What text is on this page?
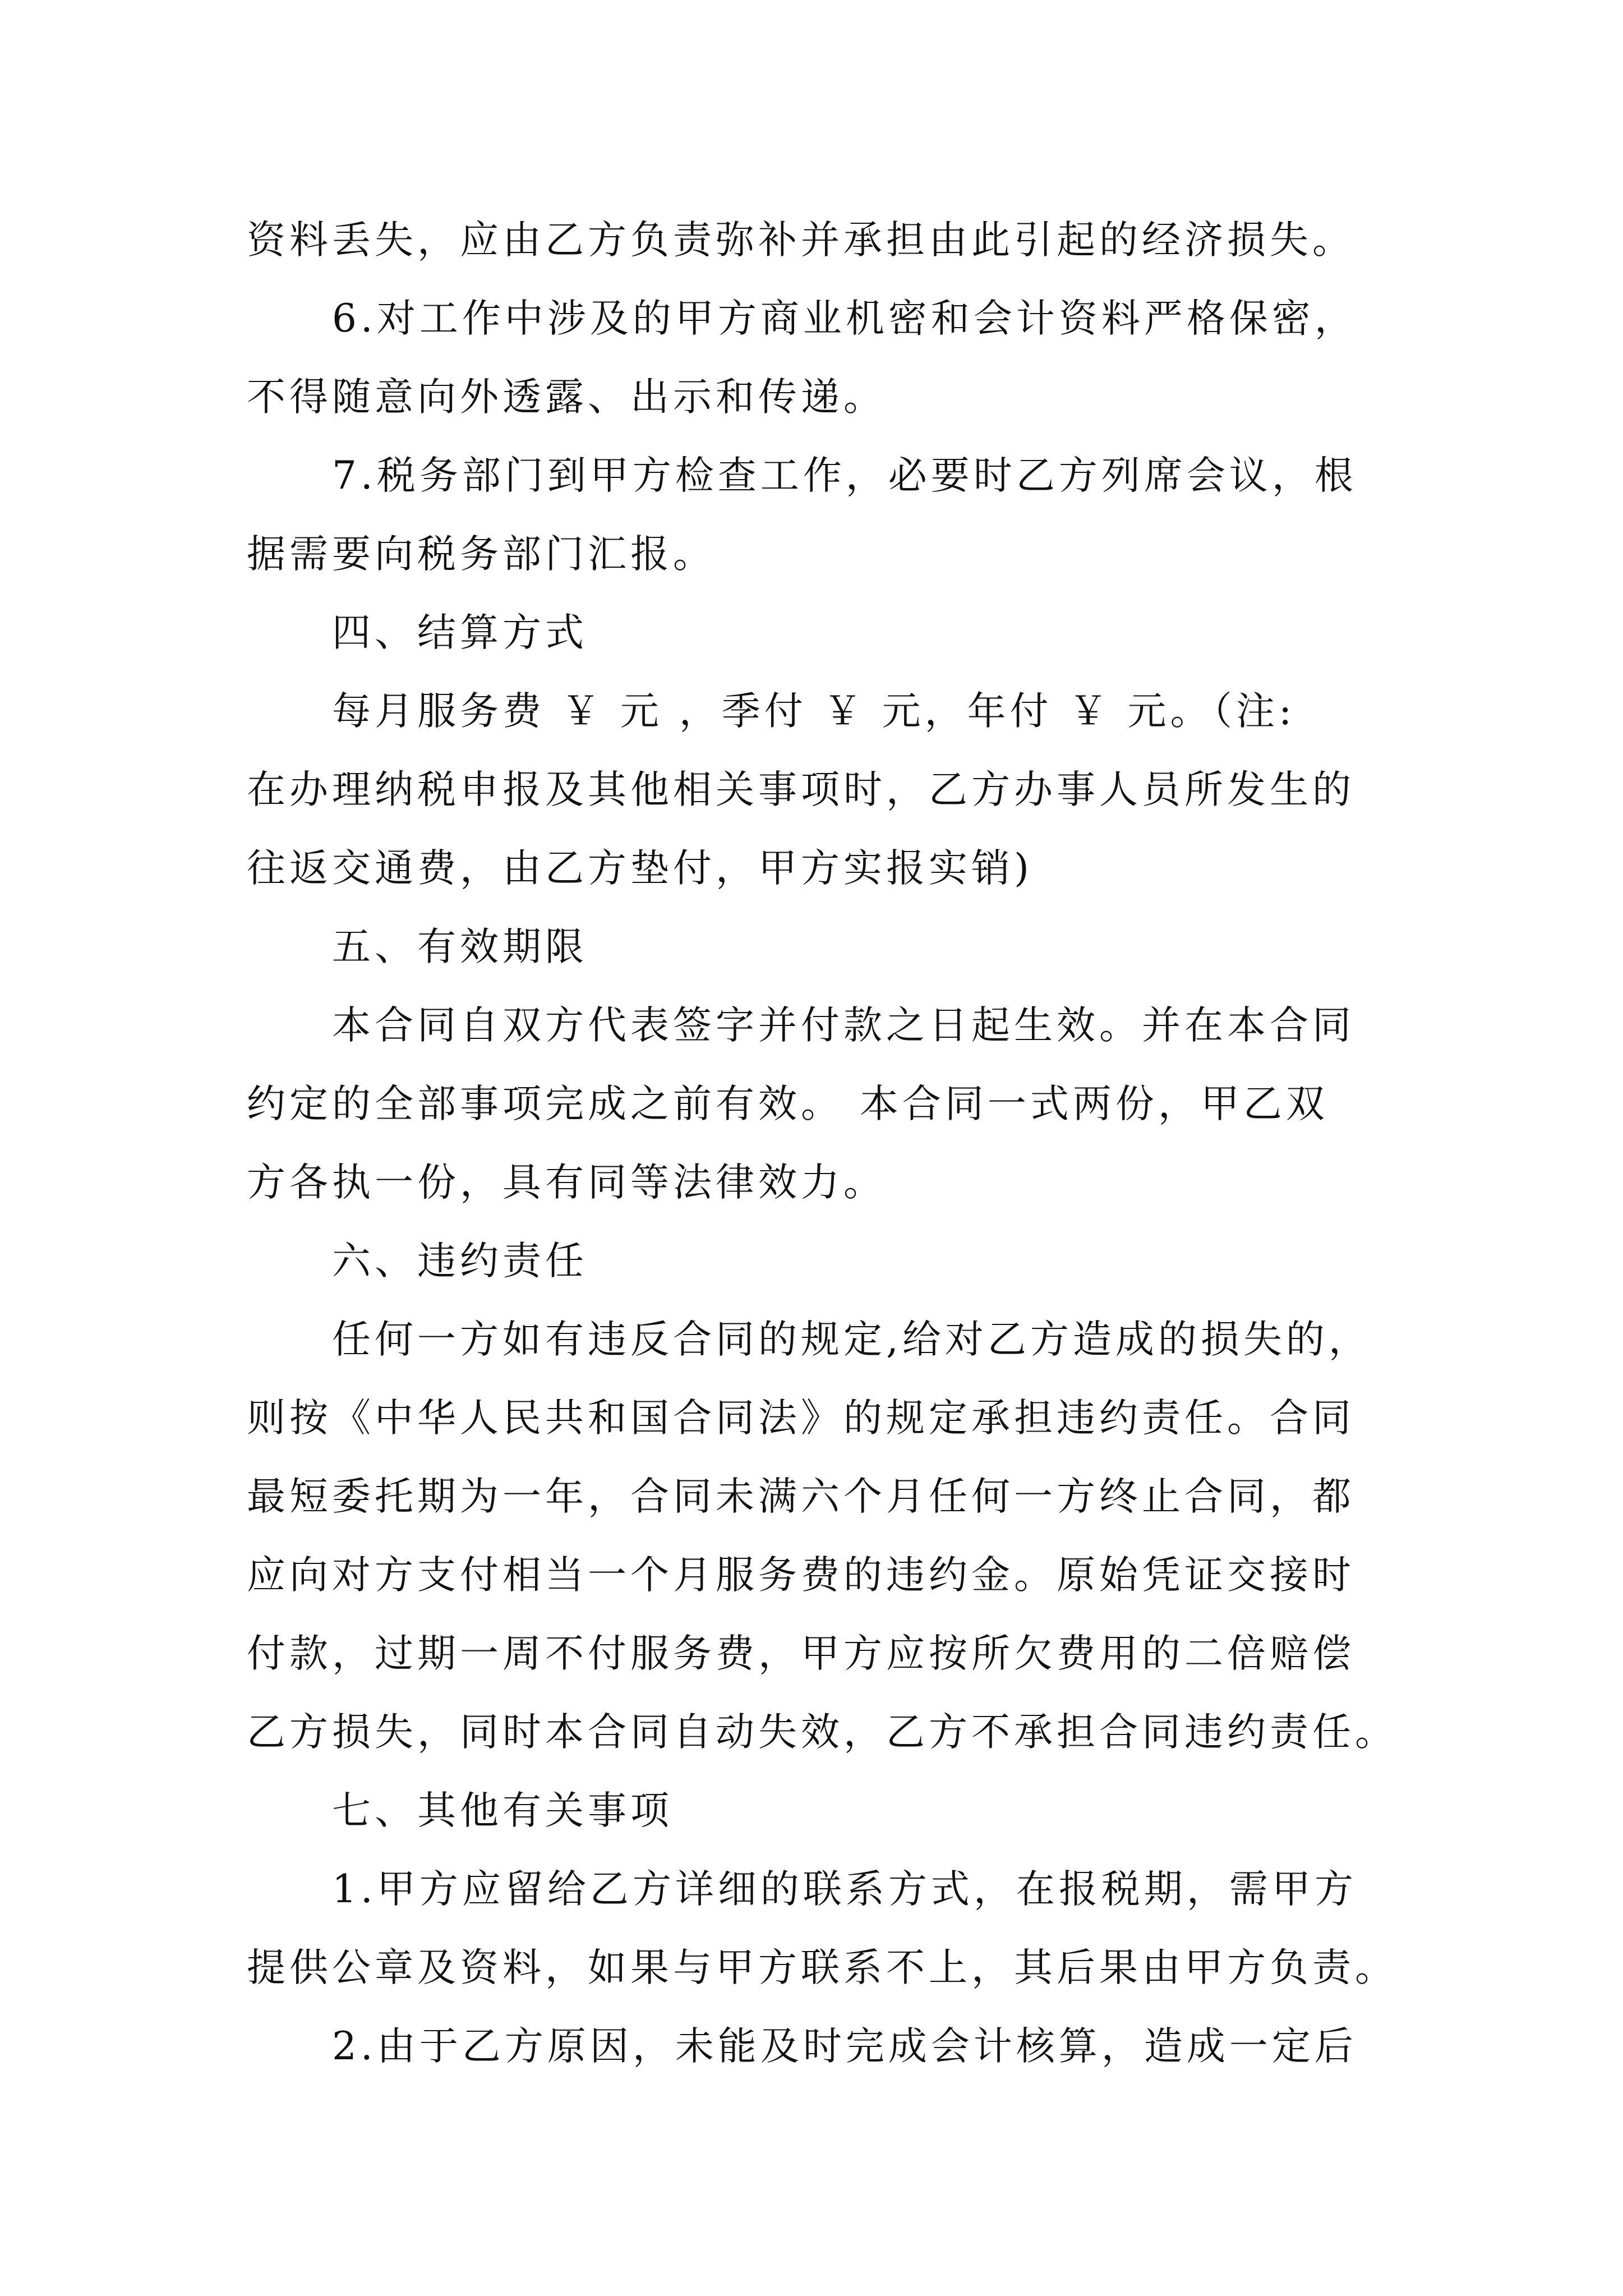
资料丢失，应由乙方负责弥补并承担由此引起的经济损失。
6.对工作中涉及的甲方商业机密和会计资料严格保密，
不得随意向外透露、出示和传递。
7.税务部门到甲方检查工作，必要时乙方列席会议，根
据需要向税务部门汇报。
四、结算方式
每月服务费 ￥ 元 ，季付 ￥ 元，年付 ￥ 元。（注:
在办理纳税申报及其他相关事项时，乙方办事人员所发生的
往返交通费，由乙方垫付，甲方实报实销)
五、有效期限
本合同自双方代表签字并付款之日起生效。并在本合同
约定的全部事项完成之前有效。 本合同一式两份，甲乙双
方各执一份，具有同等法律效力。
六、违约责任
任何一方如有违反合同的规定,给对乙方造成的损失的，
则按《中华人民共和国合同法》的规定承担违约责任。合同
最短委托期为一年，合同未满六个月任何一方终止合同，都
应向对方支付相当一个月服务费的违约金。原始凭证交接时
付款，过期一周不付服务费，甲方应按所欠费用的二倍赔偿
乙方损失，同时本合同自动失效，乙方不承担合同违约责任。
七、其他有关事项
1.甲方应留给乙方详细的联系方式，在报税期，需甲方
提供公章及资料，如果与甲方联系不上，其后果由甲方负责。
2.由于乙方原因，未能及时完成会计核算，造成一定后
